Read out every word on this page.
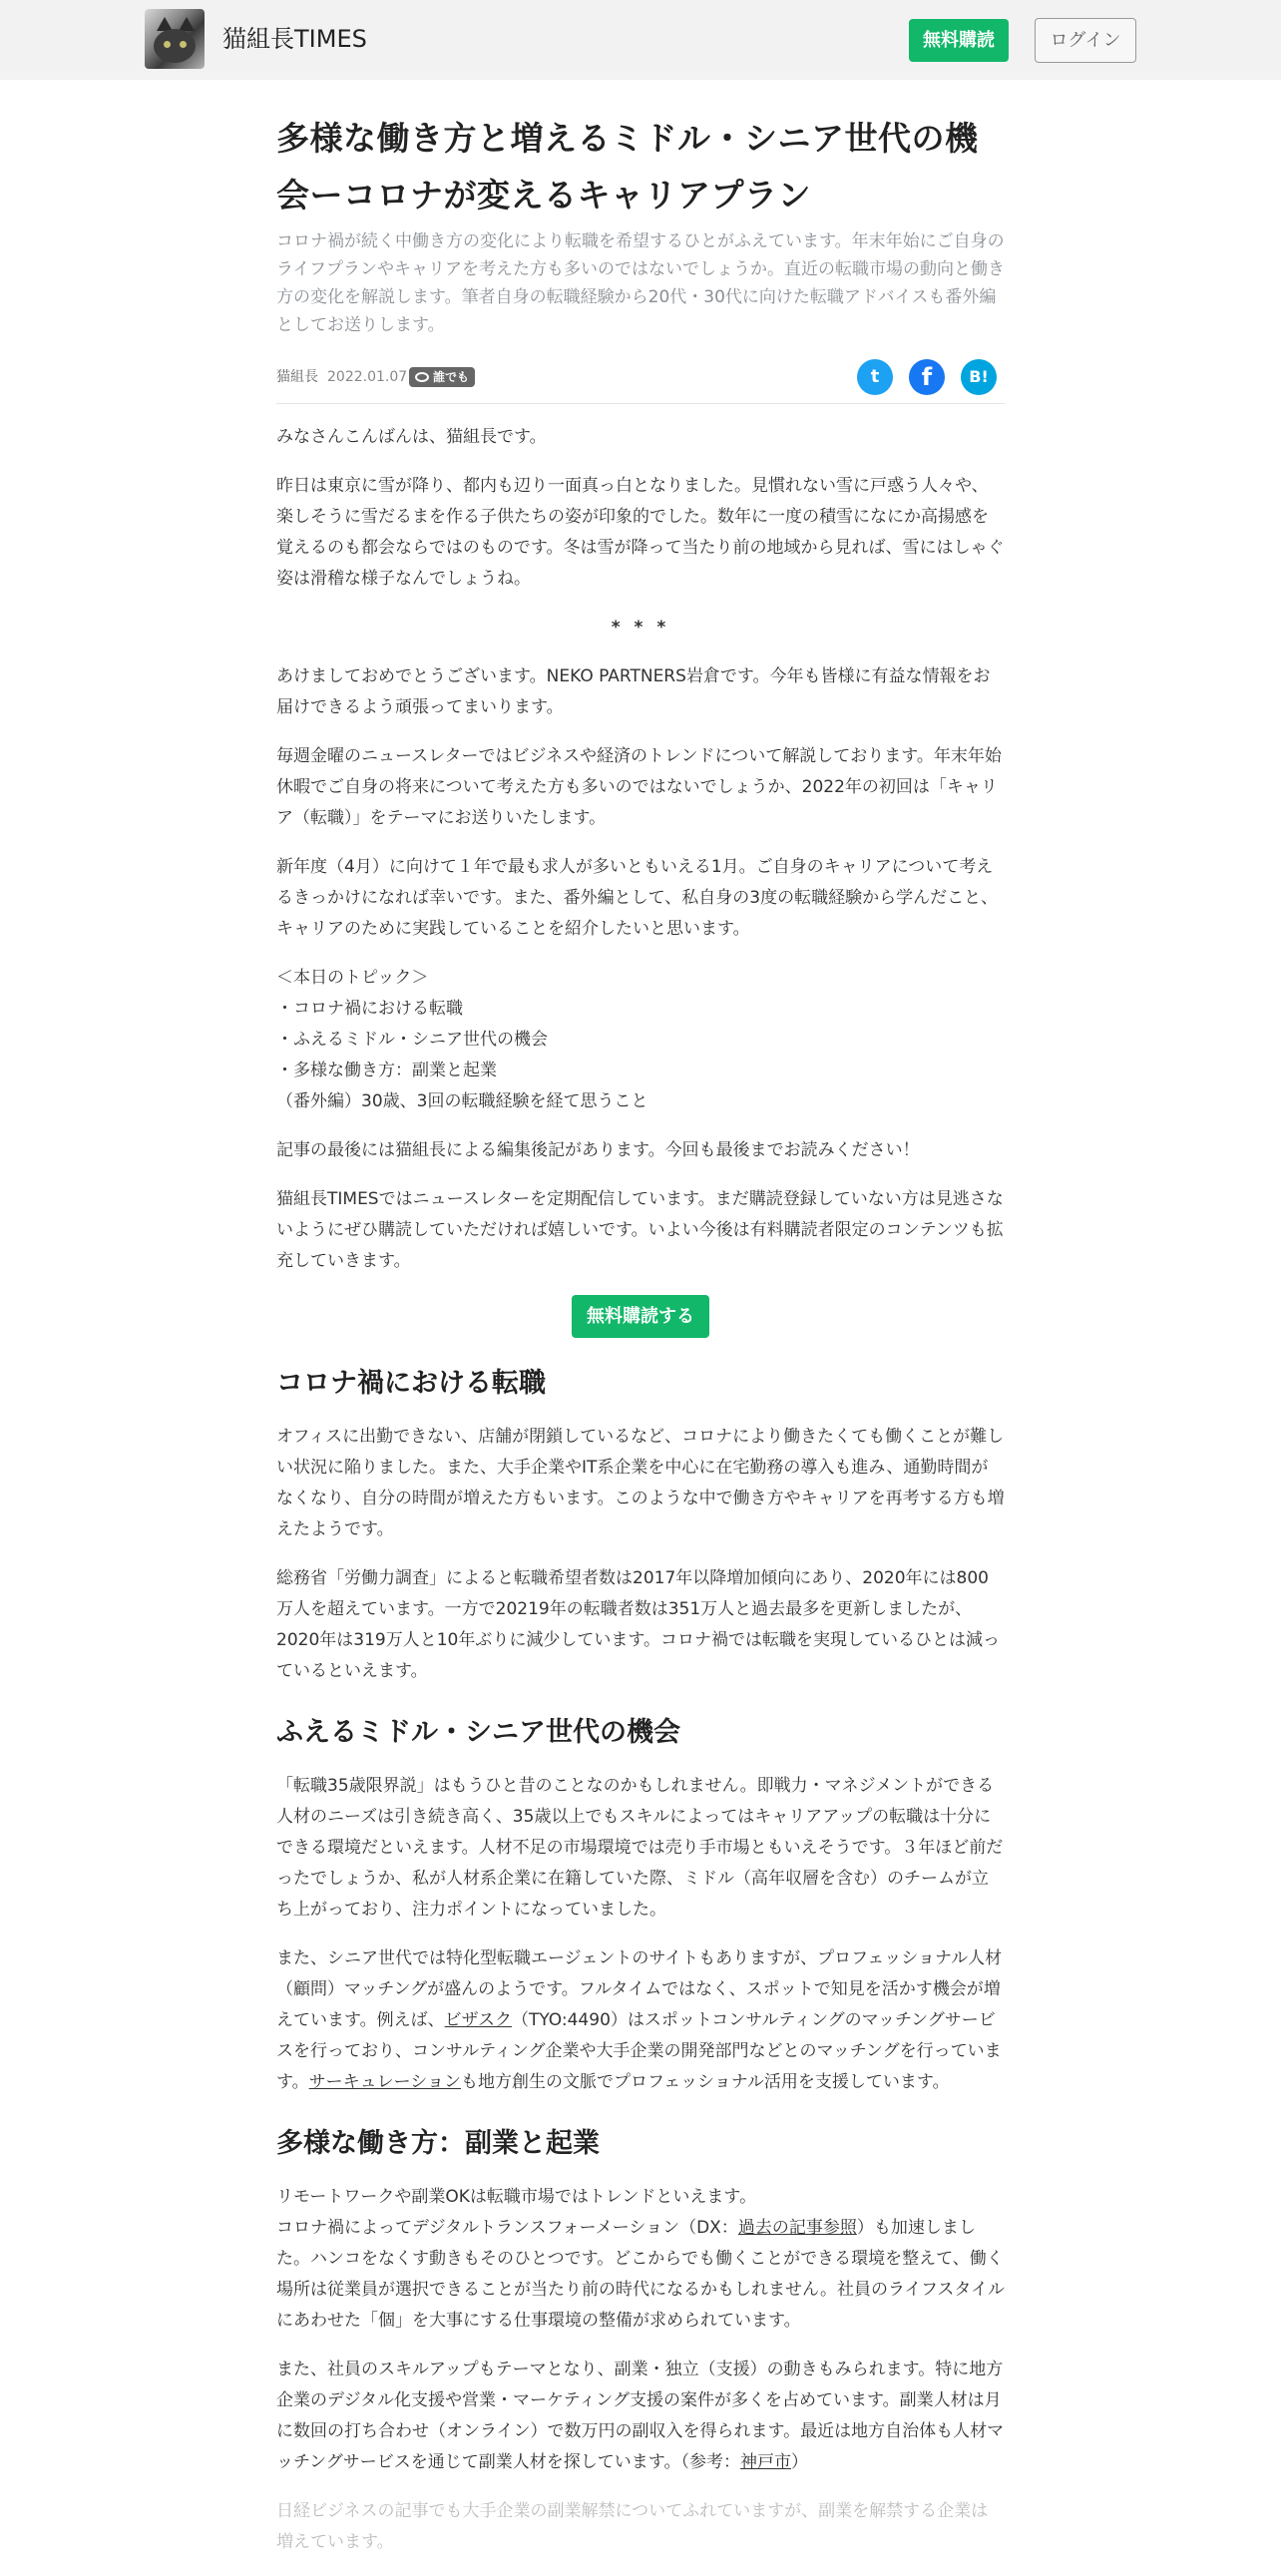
猫組長TIMES	無料購読	ログイン
多様な働き方と増えるミドル・シニア世代の機会ーコロナが変えるキャリアプラン

コロナ禍が続く中働き方の変化により転職を希望するひとがふえています。年末年始にご自身のライフプランやキャリアを考えた方も多いのではないでしょうか。直近の転職市場の動向と働き方の変化を解説します。筆者自身の転職経験から20代・30代に向けた転職アドバイスも番外編としてお送りします。

猫組長 2022.01.07	誰でも	t	f	B!

みなさんこんばんは、猫組長です。

昨日は東京に雪が降り、都内も辺り一面真っ白となりました。見慣れない雪に戸惑う人々や、楽しそうに雪だるまを作る子供たちの姿が印象的でした。数年に一度の積雪になにか高揚感を覚えるのも都会ならではのものです。冬は雪が降って当たり前の地域から見れば、雪にはしゃぐ姿は滑稽な様子なんでしょうね。

* * *

あけましておめでとうございます。NEKO PARTNERS岩倉です。今年も皆様に有益な情報をお届けできるよう頑張ってまいります。

毎週金曜のニュースレターではビジネスや経済のトレンドについて解説しております。年末年始休暇でご自身の将来について考えた方も多いのではないでしょうか、2022年の初回は「キャリア（転職）」をテーマにお送りいたします。

新年度（4月）に向けて１年で最も求人が多いともいえる1月。ご自身のキャリアについて考えるきっかけになれば幸いです。また、番外編として、私自身の3度の転職経験から学んだこと、キャリアのために実践していることを紹介したいと思います。

＜本日のトピック＞
・コロナ禍における転職
・ふえるミドル・シニア世代の機会
・多様な働き方：副業と起業
（番外編）30歳、3回の転職経験を経て思うこと

記事の最後には猫組長による編集後記があります。今回も最後までお読みください！

猫組長TIMESではニュースレターを定期配信しています。まだ購読登録していない方は見逃さないようにぜひ購読していただければ嬉しいです。いよい今後は有料購読者限定のコンテンツも拡充していきます。

無料購読する
コロナ禍における転職

オフィスに出勤できない、店舗が閉鎖しているなど、コロナにより働きたくても働くことが難しい状況に陥りました。また、大手企業やIT系企業を中心に在宅勤務の導入も進み、通勤時間がなくなり、自分の時間が増えた方もいます。このような中で働き方やキャリアを再考する方も増えたようです。

総務省「労働力調査」によると転職希望者数は2017年以降増加傾向にあり、2020年には800万人を超えています。一方で20219年の転職者数は351万人と過去最多を更新しましたが、2020年は319万人と10年ぶりに減少しています。コロナ禍では転職を実現しているひとは減っているといえます。

ふえるミドル・シニア世代の機会

「転職35歳限界説」はもうひと昔のことなのかもしれません。即戦力・マネジメントができる人材のニーズは引き続き高く、35歳以上でもスキルによってはキャリアアップの転職は十分にできる環境だといえます。人材不足の市場環境では売り手市場ともいえそうです。３年ほど前だったでしょうか、私が人材系企業に在籍していた際、ミドル（高年収層を含む）のチームが立ち上がっており、注力ポイントになっていました。

また、シニア世代では特化型転職エージェントのサイトもありますが、プロフェッショナル人材（顧問）マッチングが盛んのようです。フルタイムではなく、スポットで知見を活かす機会が増えています。例えば、ビザスク（TYO:4490）はスポットコンサルティングのマッチングサービスを行っており、コンサルティング企業や大手企業の開発部門などとのマッチングを行っています。サーキュレーションも地方創生の文脈でプロフェッショナル活用を支援しています。

多様な働き方：副業と起業

リモートワークや副業OKは転職市場ではトレンドといえます。
コロナ禍によってデジタルトランスフォーメーション（DX：過去の記事参照）も加速しました。ハンコをなくす動きもそのひとつです。どこからでも働くことができる環境を整えて、働く場所は従業員が選択できることが当たり前の時代になるかもしれません。社員のライフスタイルにあわせた「個」を大事にする仕事環境の整備が求められています。

また、社員のスキルアップもテーマとなり、副業・独立（支援）の動きもみられます。特に地方企業のデジタル化支援や営業・マーケティング支援の案件が多くを占めています。副業人材は月に数回の打ち合わせ（オンライン）で数万円の副収入を得られます。最近は地方自治体も人材マッチングサービスを通じて副業人材を探しています。（参考：神戸市）

日経ビジネスの記事でも大手企業の副業解禁についてふれていますが、副業を解禁する企業は増えています。
